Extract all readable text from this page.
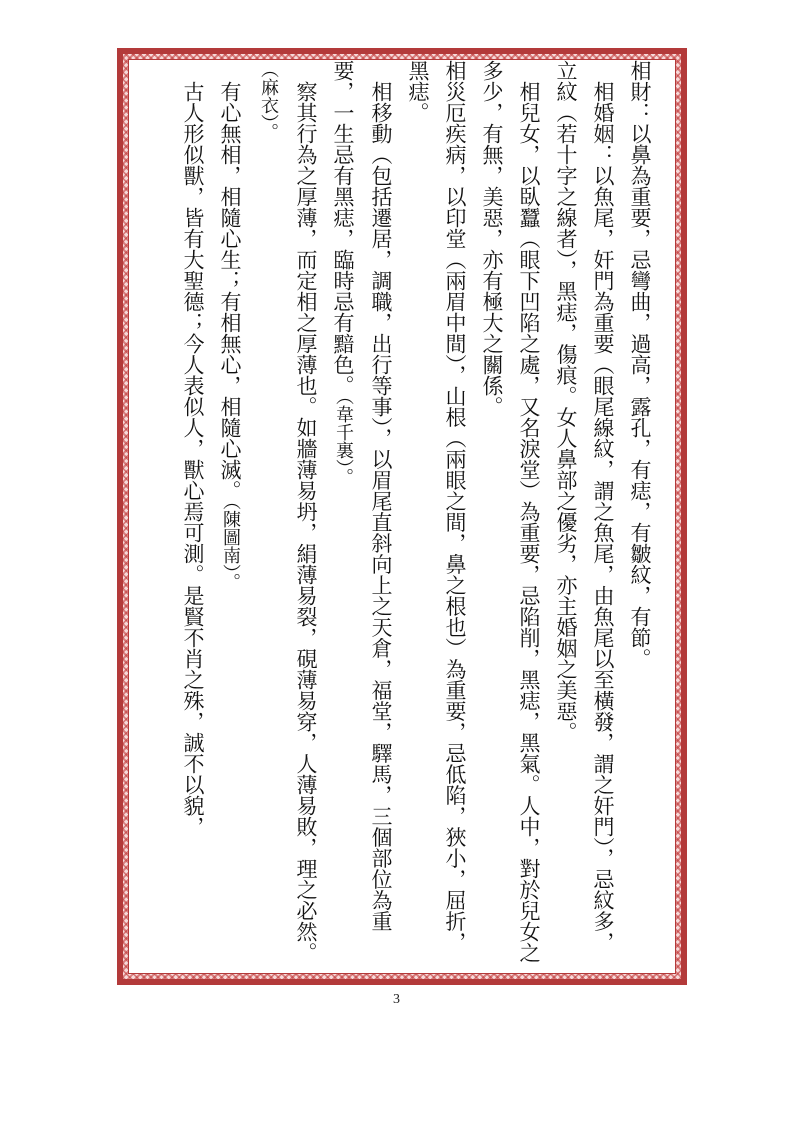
相財：以鼻為重要，忌彎曲，過高，露孔，有痣，有皺紋，有節。

相婚姻：以魚尾，奸門為重要（眼尾線紋，謂之魚尾，由魚尾以至橫發，謂之奸門），忌紋多，立紋（若十字之線者），黑痣，傷痕。女人鼻部之優劣，亦主婚姻之美惡。

相兒女，以臥蠶（眼下凹陷之處，又名淚堂）為重要，忌陷削，黑痣，黑氣。人中，對於兒女之多少，有無，美惡，亦有極大之關係。

相災厄疾病，以印堂（兩眉中間），山根（兩眼之間，鼻之根也）為重要，忌低陷，狹小，屈折，黑痣。

相移動（包括遷居，調職，出行等事），以眉尾直斜向上之天倉，福堂，驛馬，三個部位為重要，一生忌有黑痣，臨時忌有黯色。（韋千裏）。

察其行為之厚薄，而定相之厚薄也。如牆薄易坍，絹薄易裂，硯薄易穿，人薄易敗，理之必然。（麻衣）。

有心無相，相隨心生；有相無心，相隨心滅。（陳圖南）。

古人形似獸，皆有大聖德；今人表似人，獸心焉可測。是賢不肖之殊，誠不以貌，

3
